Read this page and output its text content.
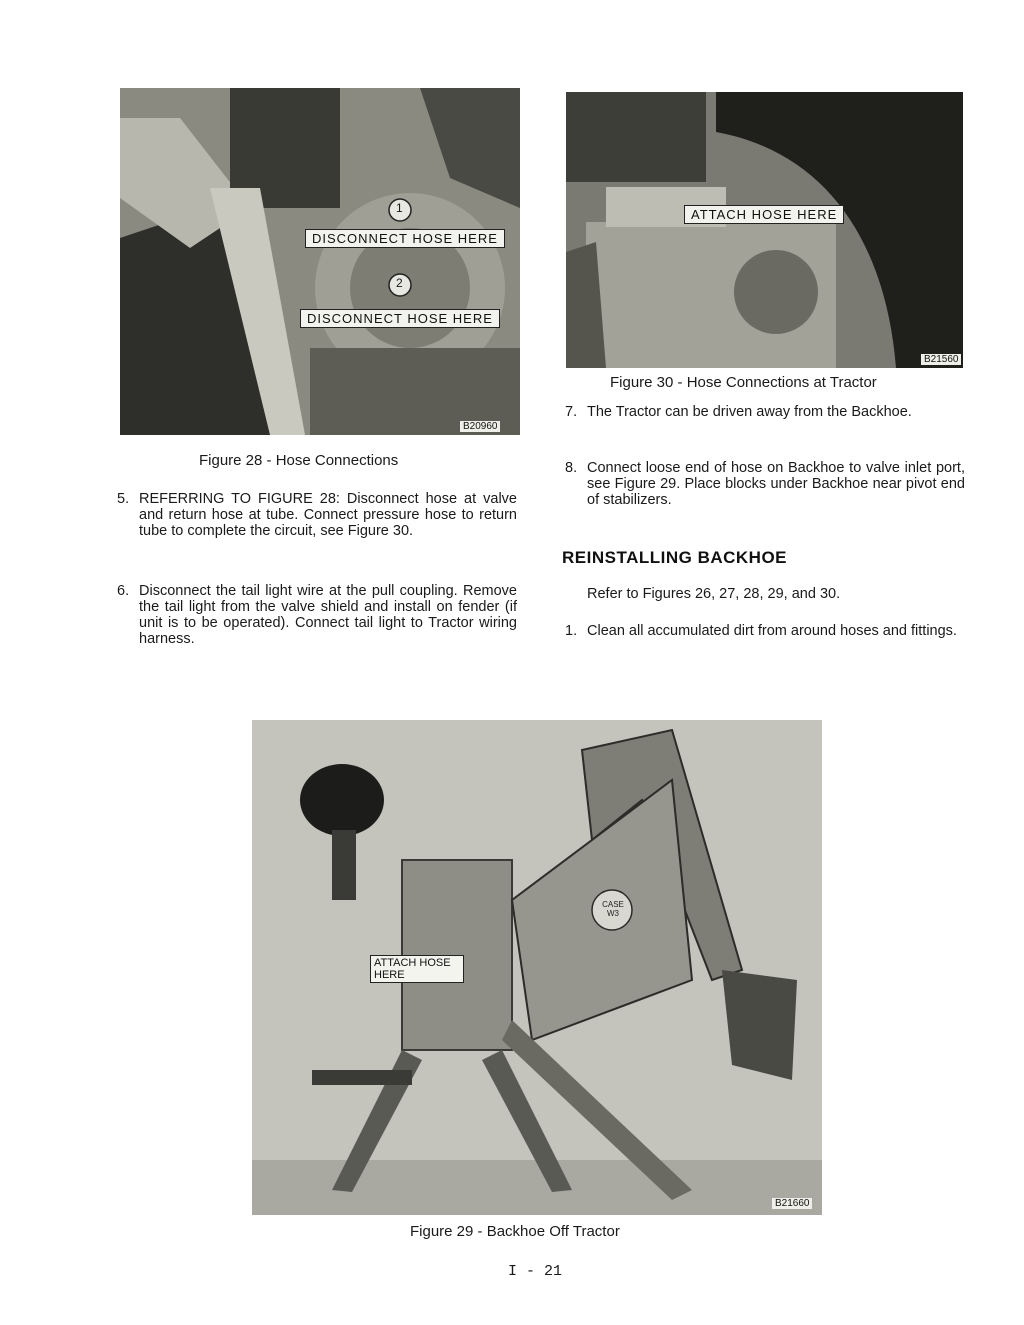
1
2
DISCONNECT HOSE HERE
DISCONNECT HOSE HERE
B20960
Figure 28 - Hose Connections
ATTACH HOSE HERE
B21560
Figure 30 - Hose Connections at Tractor
5. REFERRING TO FIGURE 28: Disconnect hose at valve and return hose at tube. Connect pressure hose to return tube to complete the circuit, see Figure 30.
6. Disconnect the tail light wire at the pull coupling. Remove the tail light from the valve shield and install on fender (if unit is to be operated). Connect tail light to Tractor wiring harness.
7. The Tractor can be driven away from the Backhoe.
8. Connect loose end of hose on Backhoe to valve inlet port, see Figure 29. Place blocks under Backhoe near pivot end of stabilizers.
REINSTALLING BACKHOE
Refer to Figures 26, 27, 28, 29, and 30.
1. Clean all accumulated dirt from around hoses and fittings.
CASE W3
ATTACH HOSE HERE
B21660
Figure 29 - Backhoe Off Tractor
I - 21
